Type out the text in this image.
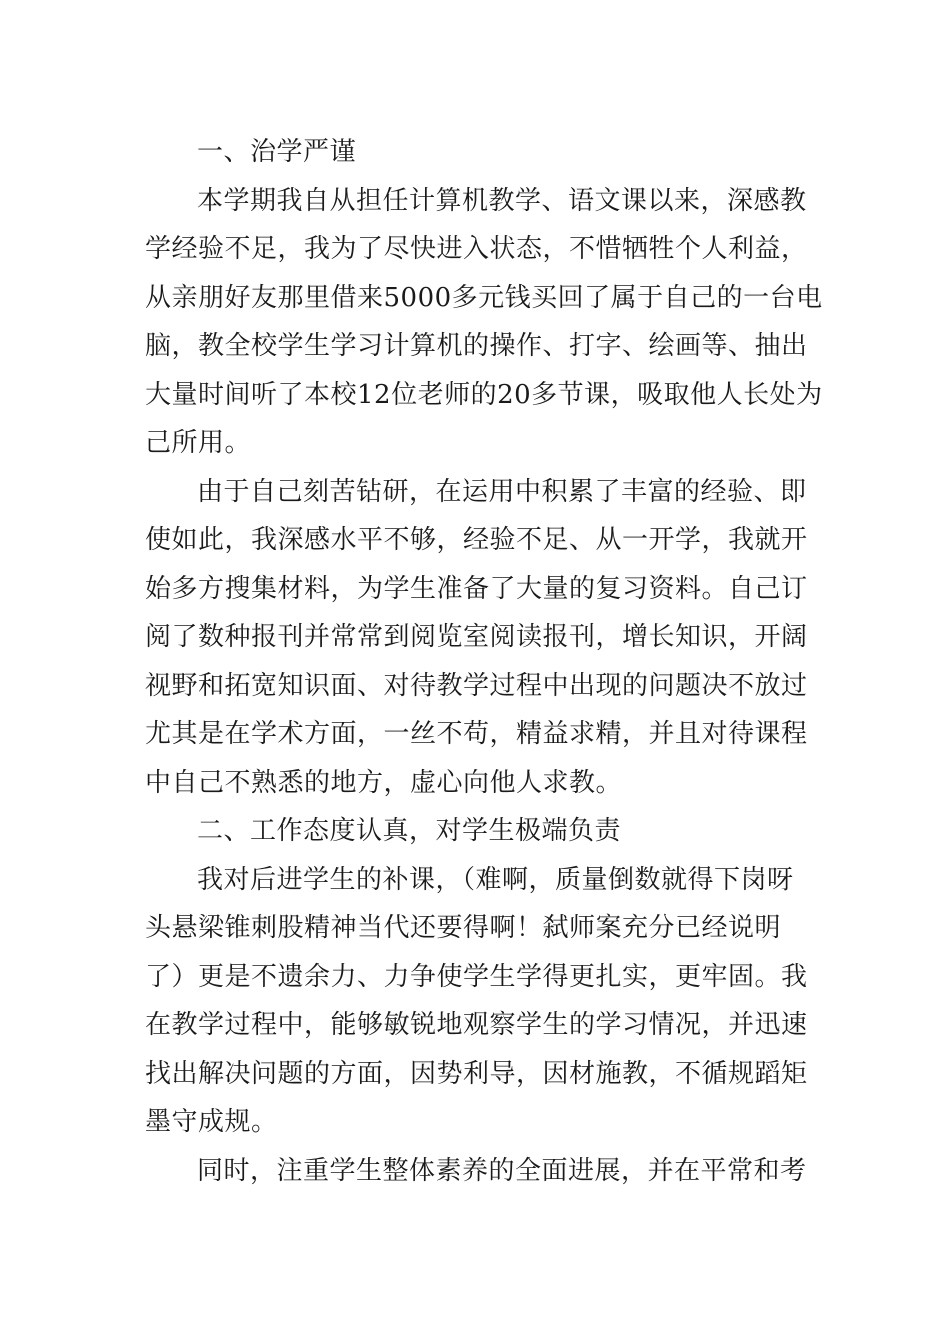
一、治学严谨
本学期我自从担任计算机教学、语文课以来，深感教
学经验不足，我为了尽快进入状态，不惜牺牲个人利益，
从亲朋好友那里借来5000多元钱买回了属于自己的一台电
脑，教全校学生学习计算机的操作、打字、绘画等、抽出
大量时间听了本校12位老师的20多节课，吸取他人长处为
己所用。
由于自己刻苦钻研，在运用中积累了丰富的经验、即
使如此，我深感水平不够，经验不足、从一开学，我就开
始多方搜集材料，为学生准备了大量的复习资料。自己订
阅了数种报刊并常常到阅览室阅读报刊，增长知识，开阔
视野和拓宽知识面、对待教学过程中出现的问题决不放过
尤其是在学术方面，一丝不苟，精益求精，并且对待课程
中自己不熟悉的地方，虚心向他人求教。
二、工作态度认真，对学生极端负责
我对后进学生的补课，（难啊，质量倒数就得下岗呀
头悬梁锥刺股精神当代还要得啊！弑师案充分已经说明
了）更是不遗余力、力争使学生学得更扎实，更牢固。我
在教学过程中，能够敏锐地观察学生的学习情况，并迅速
找出解决问题的方面，因势利导，因材施教，不循规蹈矩
墨守成规。
同时，注重学生整体素养的全面进展，并在平常和考
